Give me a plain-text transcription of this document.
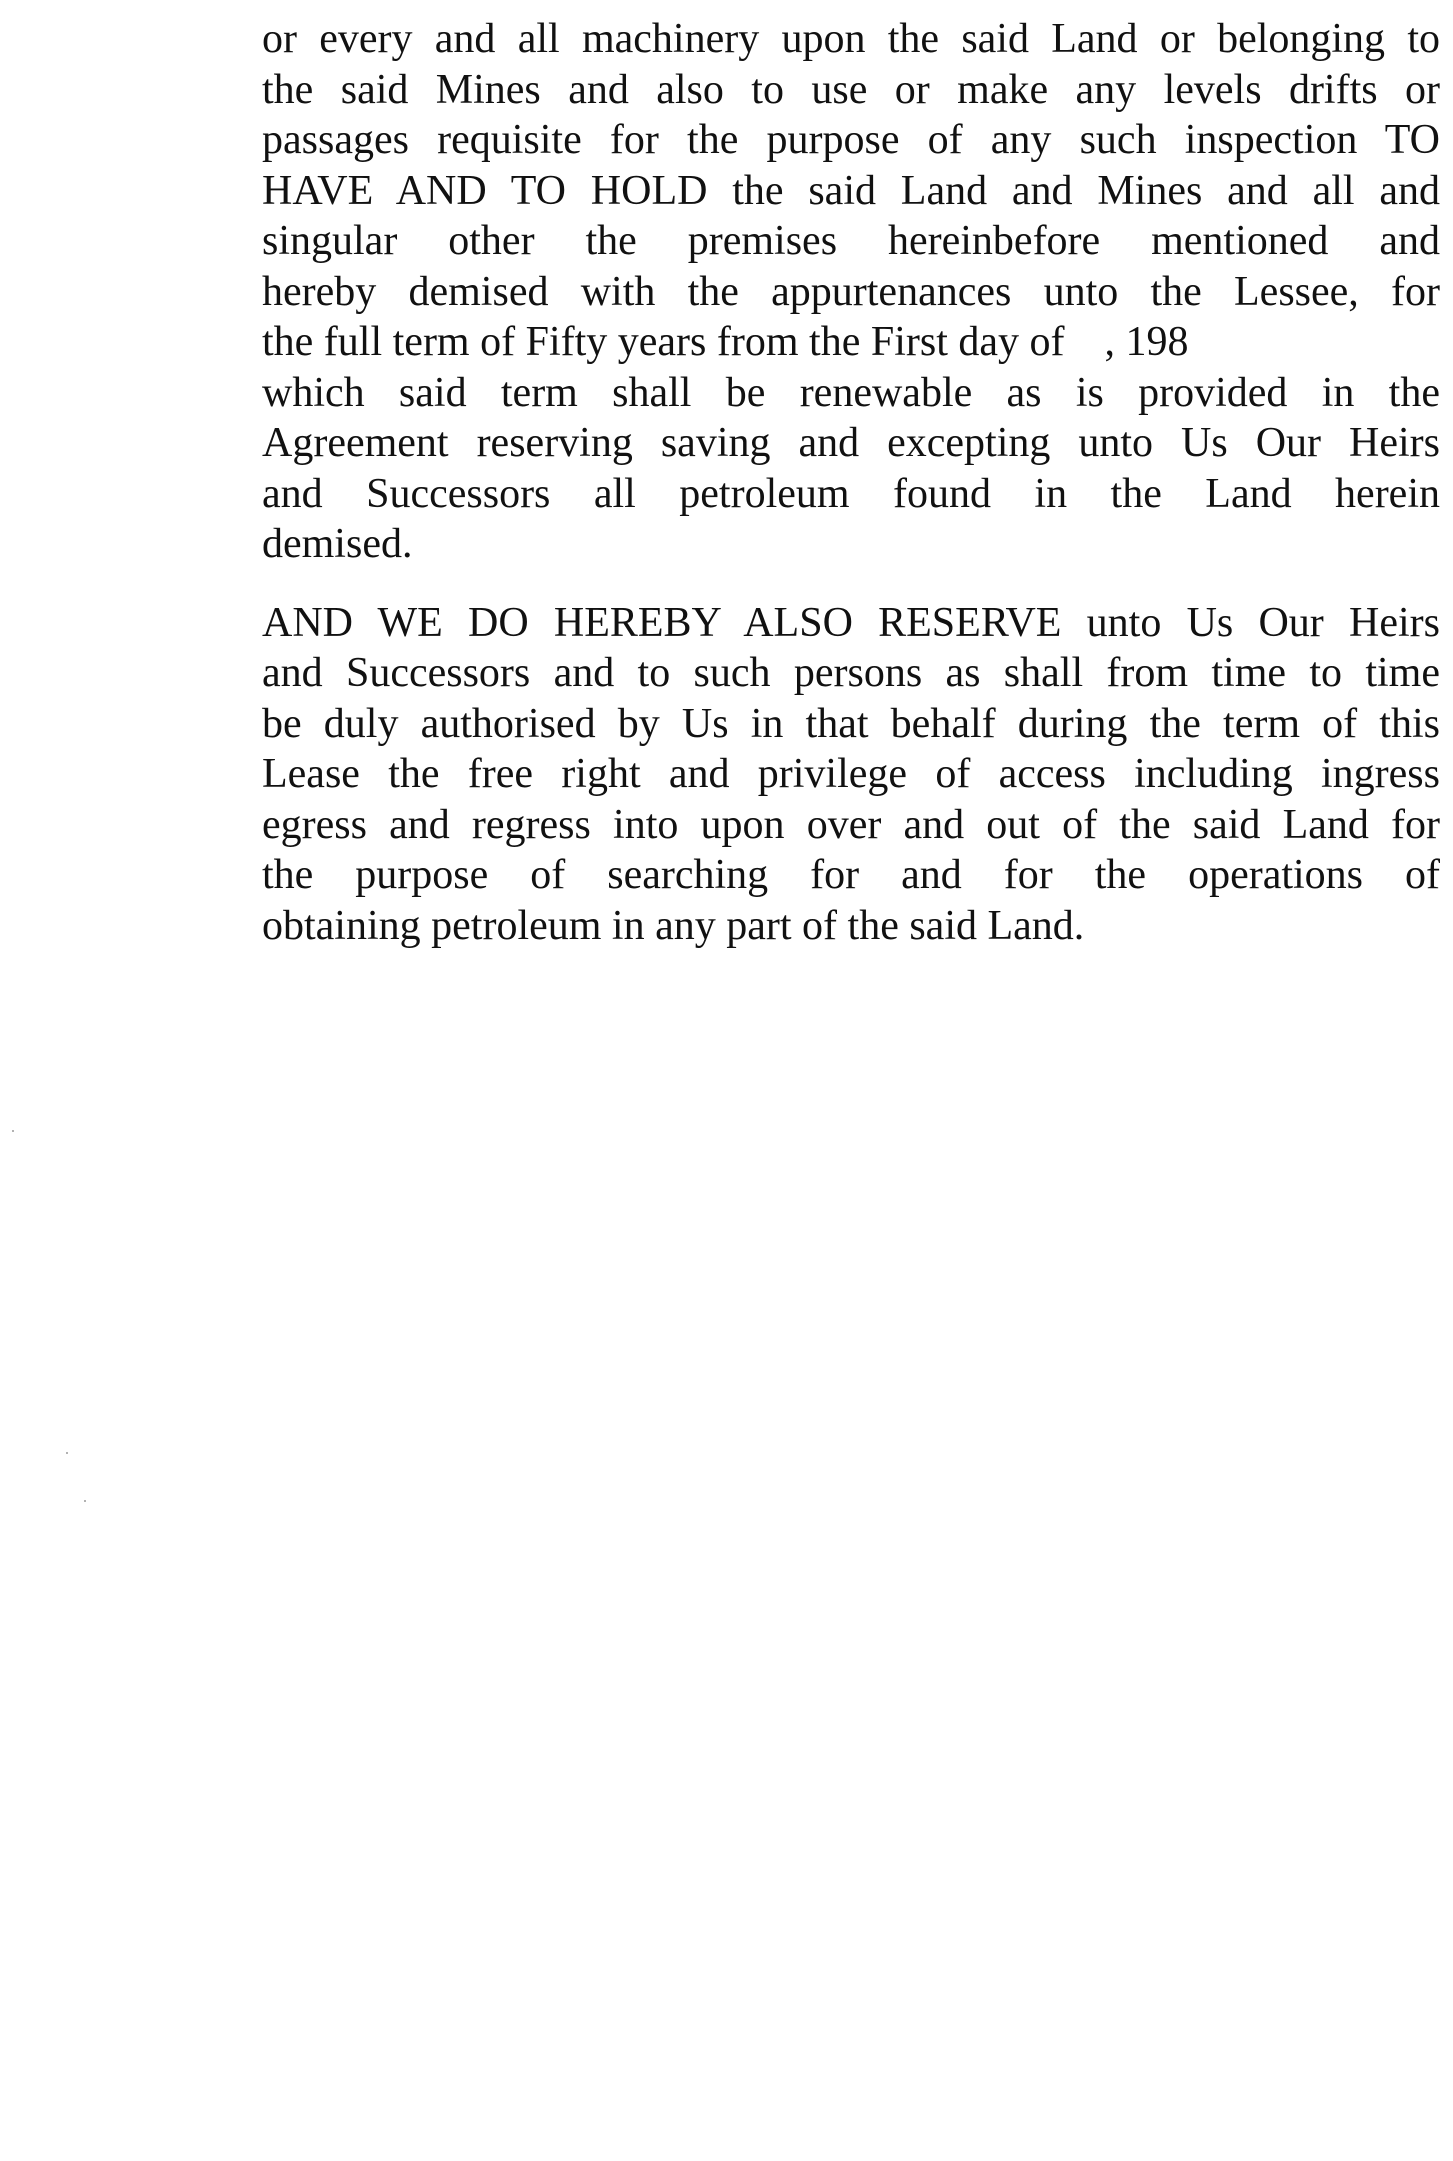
or every and all machinery upon the said Land or belonging to
the said Mines and also to use or make any levels drifts or
passages requisite for the purpose of any such inspection TO
HAVE AND TO HOLD the said Land and Mines and all and
singular other the premises hereinbefore mentioned and
hereby demised with the appurtenances unto the Lessee, for
the full term of Fifty years from the First day of , 198
which said term shall be renewable as is provided in the
Agreement reserving saving and excepting unto Us Our Heirs
and Successors all petroleum found in the Land herein
demised.

AND WE DO HEREBY ALSO RESERVE unto Us Our Heirs
and Successors and to such persons as shall from time to time
be duly authorised by Us in that behalf during the term of this
Lease the free right and privilege of access including ingress
egress and regress into upon over and out of the said Land for
the purpose of searching for and for the operations of
obtaining petroleum in any part of the said Land.
